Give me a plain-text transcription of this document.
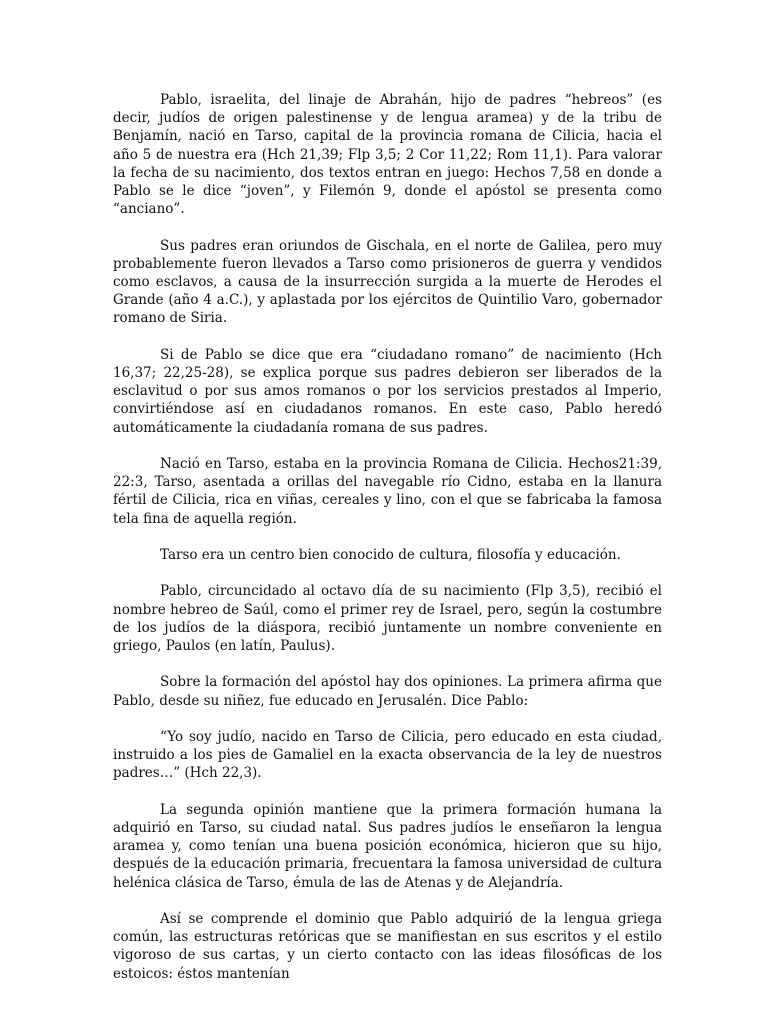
Pablo, israelita, del linaje de Abrahán, hijo de padres “hebreos” (es decir, judíos de origen palestinense y de lengua aramea) y de la tribu de Benjamín, nació en Tarso, capital de la provincia romana de Cilicia, hacia el año 5 de nuestra era (Hch 21,39; Flp 3,5; 2 Cor 11,22; Rom 11,1). Para valorar la fecha de su nacimiento, dos textos entran en juego: Hechos 7,58 en donde a Pablo se le dice “joven”, y Filemón 9, donde el apóstol se presenta como “anciano”.

Sus padres eran oriundos de Gischala, en el norte de Galilea, pero muy probablemente fueron llevados a Tarso como prisioneros de guerra y vendidos como esclavos, a causa de la insurrección surgida a la muerte de Herodes el Grande (año 4 a.C.), y aplastada por los ejércitos de Quintilio Varo, gobernador romano de Siria.

Si de Pablo se dice que era “ciudadano romano” de nacimiento (Hch 16,37; 22,25-28), se explica porque sus padres debieron ser liberados de la esclavitud o por sus amos romanos o por los servicios prestados al Imperio, convirtiéndose así en ciudadanos romanos. En este caso, Pablo heredó automáticamente la ciudadanía romana de sus padres.

Nació en Tarso, estaba en la provincia Romana de Cilicia. Hechos21:39, 22:3, Tarso, asentada a orillas del navegable río Cidno, estaba en la llanura fértil de Cilicia, rica en viñas, cereales y lino, con el que se fabricaba la famosa tela fina de aquella región.

Tarso era un centro bien conocido de cultura, filosofía y educación.

Pablo, circuncidado al octavo día de su nacimiento (Flp 3,5), recibió el nombre hebreo de Saúl, como el primer rey de Israel, pero, según la costumbre de los judíos de la diáspora, recibió juntamente un nombre conveniente en griego, Paulos (en latín, Paulus).

Sobre la formación del apóstol hay dos opiniones. La primera afirma que Pablo, desde su niñez, fue educado en Jerusalén. Dice Pablo:

“Yo soy judío, nacido en Tarso de Cilicia, pero educado en esta ciudad, instruido a los pies de Gamaliel en la exacta observancia de la ley de nuestros padres…” (Hch 22,3).

La segunda opinión mantiene que la primera formación humana la adquirió en Tarso, su ciudad natal. Sus padres judíos le enseñaron la lengua aramea y, como tenían una buena posición económica, hicieron que su hijo, después de la educación primaria, frecuentara la famosa universidad de cultura helénica clásica de Tarso, émula de las de Atenas y de Alejandría.

Así se comprende el dominio que Pablo adquirió de la lengua griega común, las estructuras retóricas que se manifiestan en sus escritos y el estilo vigoroso de sus cartas, y un cierto contacto con las ideas filosóficas de los estoicos: éstos mantenían
